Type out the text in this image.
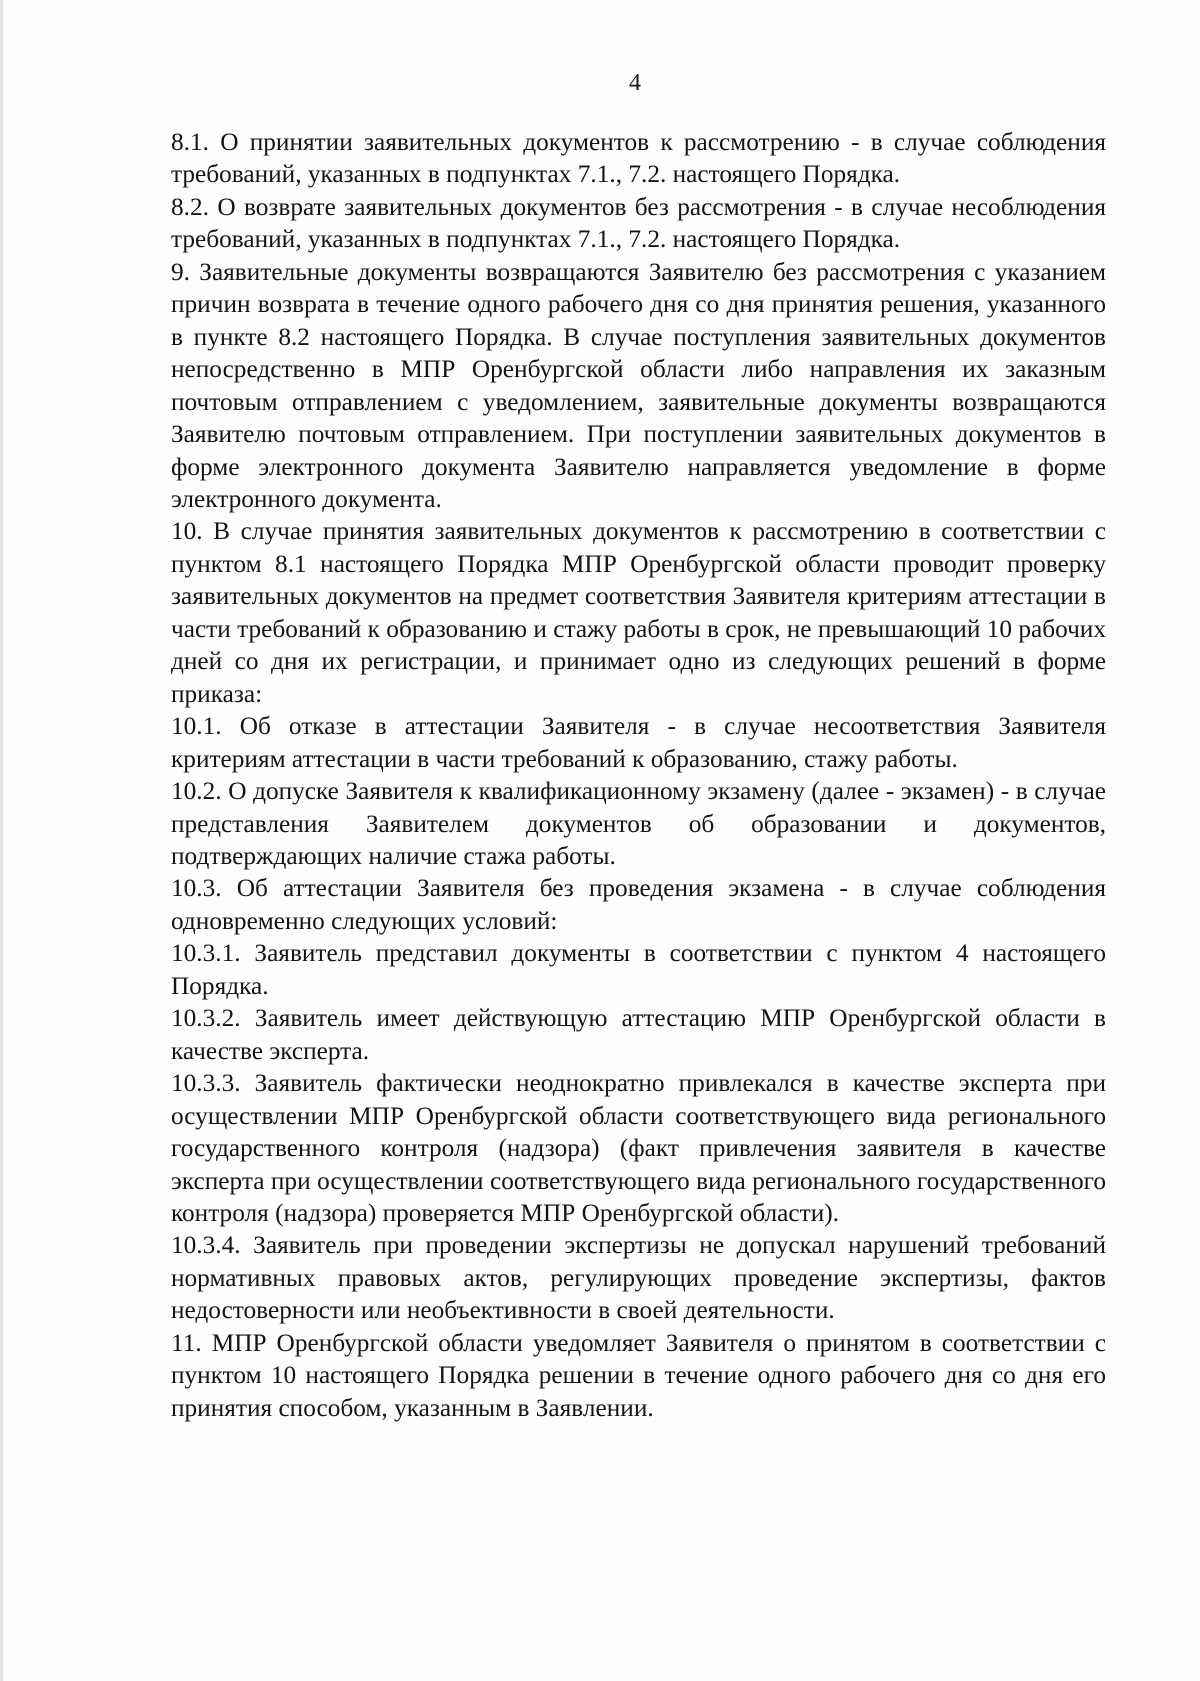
4

8.1. О принятии заявительных документов к рассмотрению - в случае соблюдения требований, указанных в подпунктах 7.1., 7.2. настоящего Порядка.

8.2. О возврате заявительных документов без рассмотрения - в случае несоблюдения требований, указанных в подпунктах 7.1., 7.2. настоящего Порядка.

9. Заявительные документы возвращаются Заявителю без рассмотрения с указанием причин возврата в течение одного рабочего дня со дня принятия решения, указанного в пункте 8.2 настоящего Порядка. В случае поступления заявительных документов непосредственно в МПР Оренбургской области либо направления их заказным почтовым отправлением с уведомлением, заявительные документы возвращаются Заявителю почтовым отправлением. При поступлении заявительных документов в форме электронного документа Заявителю направляется уведомление в форме электронного документа.

10. В случае принятия заявительных документов к рассмотрению в соответствии с пунктом 8.1 настоящего Порядка МПР Оренбургской области проводит проверку заявительных документов на предмет соответствия Заявителя критериям аттестации в части требований к образованию и стажу работы в срок, не превышающий 10 рабочих дней со дня их регистрации, и принимает одно из следующих решений в форме приказа:

10.1. Об отказе в аттестации Заявителя - в случае несоответствия Заявителя критериям аттестации в части требований к образованию, стажу работы.

10.2. О допуске Заявителя к квалификационному экзамену (далее - экзамен) - в случае представления Заявителем документов об образовании и документов, подтверждающих наличие стажа работы.

10.3. Об аттестации Заявителя без проведения экзамена - в случае соблюдения одновременно следующих условий:

10.3.1. Заявитель представил документы в соответствии с пунктом 4 настоящего Порядка.

10.3.2. Заявитель имеет действующую аттестацию МПР Оренбургской области в качестве эксперта.

10.3.3. Заявитель фактически неоднократно привлекался в качестве эксперта при осуществлении МПР Оренбургской области соответствующего вида регионального государственного контроля (надзора) (факт привлечения заявителя в качестве эксперта при осуществлении соответствующего вида регионального государственного контроля (надзора) проверяется МПР Оренбургской области).

10.3.4. Заявитель при проведении экспертизы не допускал нарушений требований нормативных правовых актов, регулирующих проведение экспертизы, фактов недостоверности или необъективности в своей деятельности.

11. МПР Оренбургской области уведомляет Заявителя о принятом в соответствии с пунктом 10 настоящего Порядка решении в течение одного рабочего дня со дня его принятия способом, указанным в Заявлении.
